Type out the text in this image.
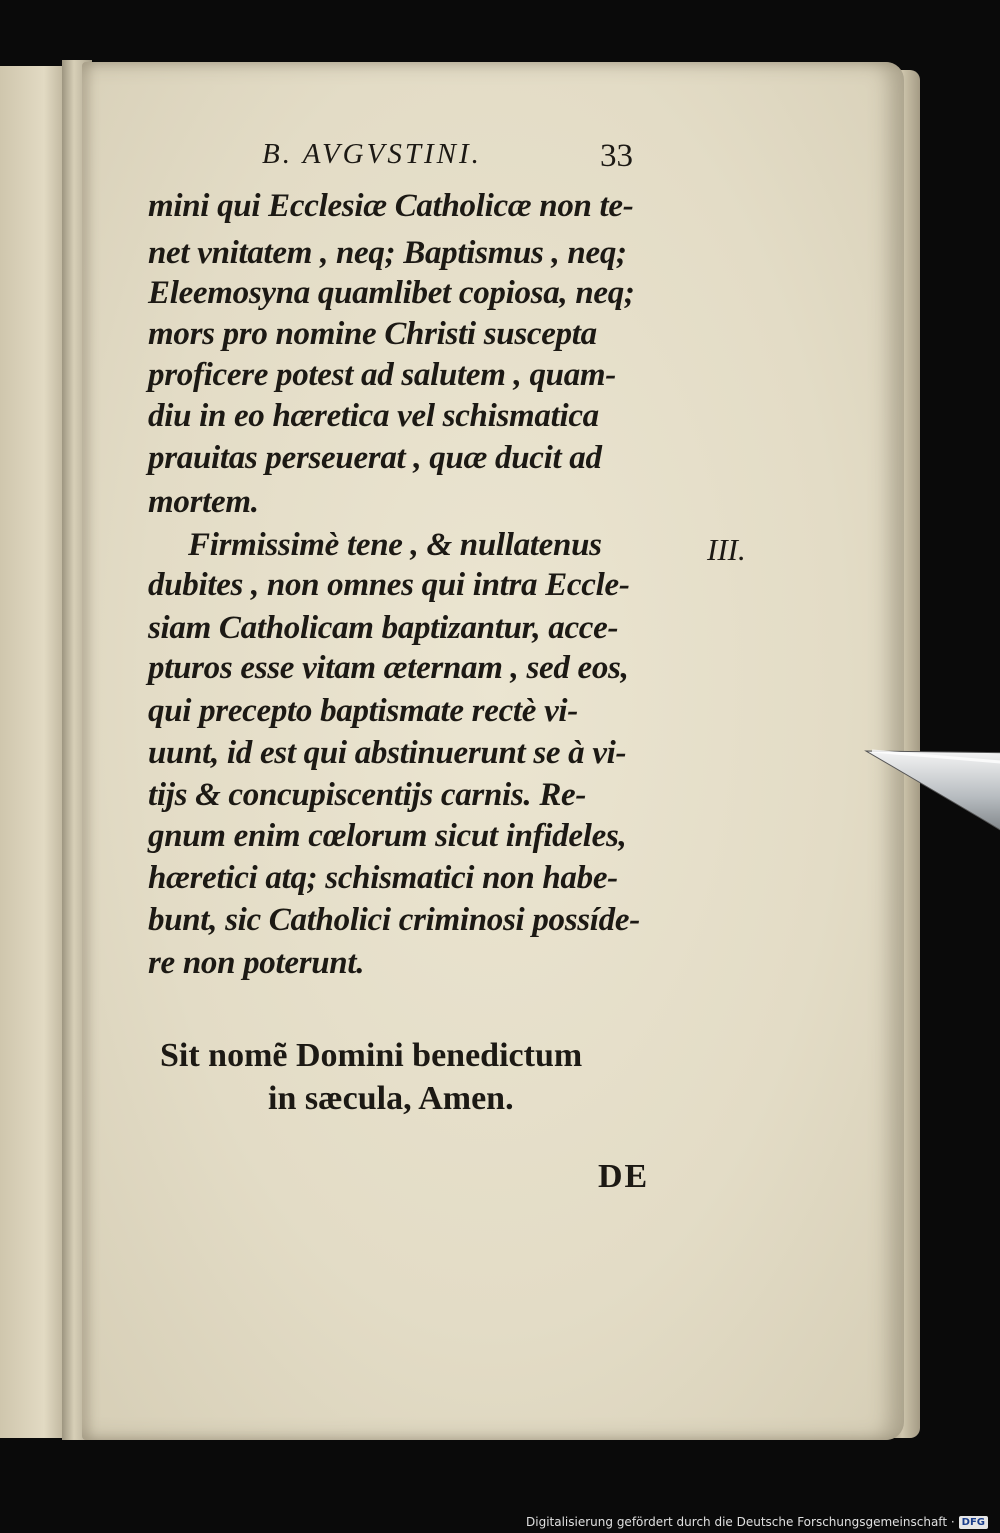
B. AVGVSTINI.	33
mini qui Ecclesiæ Catholicæ non te-
net vnitatem , neq; Baptismus , neq;
Eleemosyna quamlibet copiosa, neq;
mors pro nomine Christi suscepta
proficere potest ad salutem , quam-
diu in eo hæretica vel schismatica
prauitas perseuerat , quæ ducit ad
mortem.
Firmissimè tene , & nullatenus
dubites , non omnes qui intra Eccle-
siam Catholicam baptizantur, acce-
pturos esse vitam æternam , sed eos,
qui precepto baptismate rectè vi-
uunt, id est qui abstinuerunt se à vi-
tijs & concupiscentijs carnis. Re-
gnum enim cœlorum sicut infideles,
hæretici atq; schismatici non habe-
bunt, sic Catholici criminosi possíde-
re non poterunt.
III.
Sit nomẽ Domini benedictum
in sæcula, Amen.
DE
Digitalisierung gefördert durch die Deutsche Forschungsgemeinschaft · DFG
